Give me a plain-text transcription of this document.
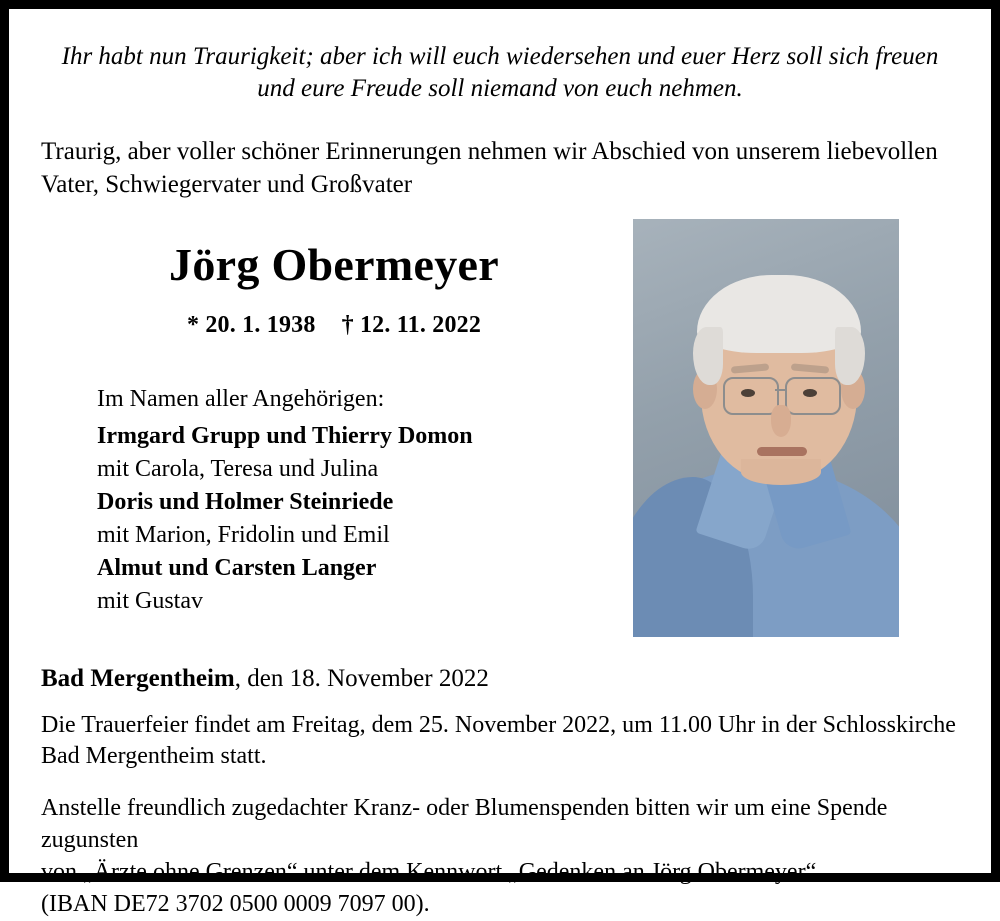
Ihr habt nun Traurigkeit; aber ich will euch wiedersehen und euer Herz soll sich freuen
und eure Freude soll niemand von euch nehmen.
Traurig, aber voller schöner Erinnerungen nehmen wir Abschied von unserem liebevollen
Vater, Schwiegervater und Großvater
Jörg Obermeyer
* 20. 1. 1938 † 12. 11. 2022
Im Namen aller Angehörigen:
Irmgard Grupp und Thierry Domon
mit Carola, Teresa und Julina
Doris und Holmer Steinriede
mit Marion, Fridolin und Emil
Almut und Carsten Langer
mit Gustav
Bad Mergentheim, den 18. November 2022
Die Trauerfeier findet am Freitag, dem 25. November 2022, um 11.00 Uhr in der Schlosskirche
Bad Mergentheim statt.
Anstelle freundlich zugedachter Kranz- oder Blumenspenden bitten wir um eine Spende zugunsten
von „Ärzte ohne Grenzen“ unter dem Kennwort „Gedenken an Jörg Obermeyer“
(IBAN DE72 3702 0500 0009 7097 00).
